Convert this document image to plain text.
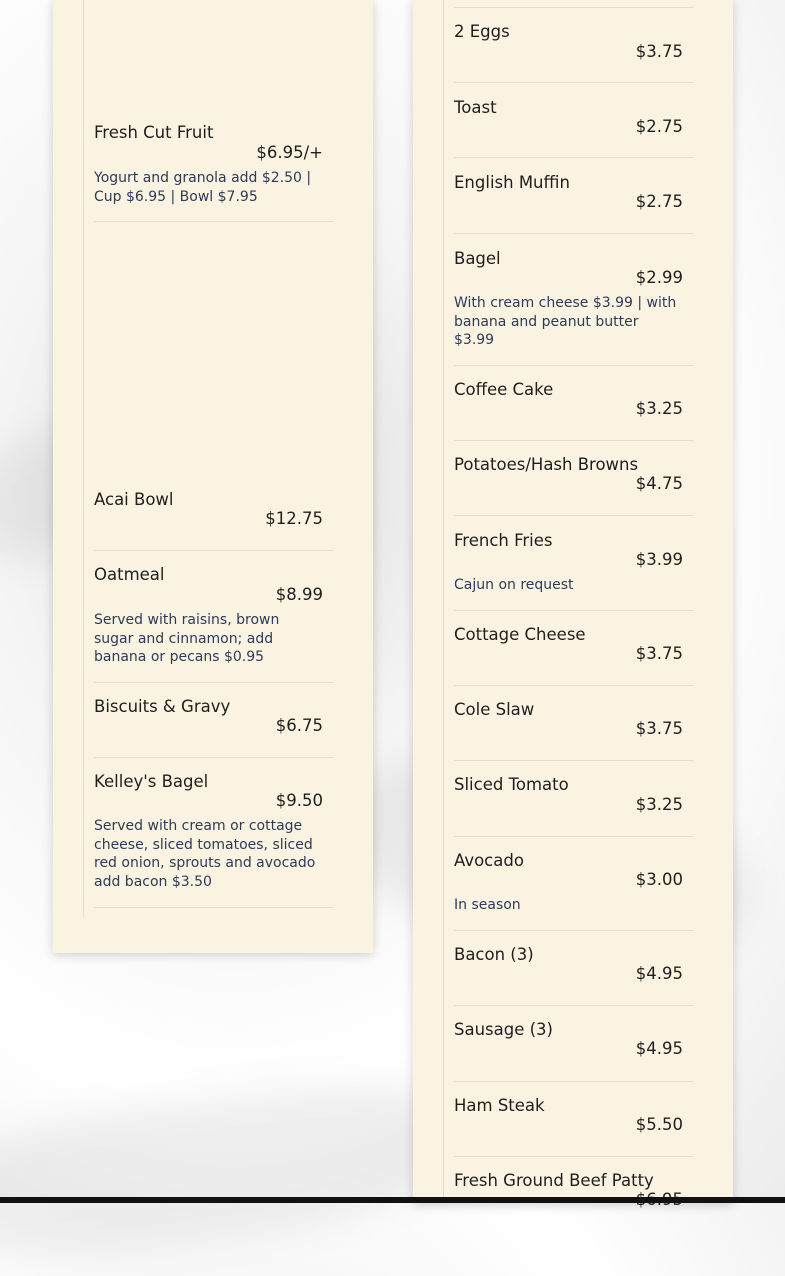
Fresh Cut Fruit
$6.95/+
Yogurt and granola add $2.50 | Cup $6.95 | Bowl $7.95
Acai Bowl
$12.75
Oatmeal
$8.99
Served with raisins, brown sugar and cinnamon; add banana or pecans $0.95
Biscuits & Gravy
$6.75
Kelley's Bagel
$9.50
Served with cream or cottage cheese, sliced tomatoes, sliced red onion, sprouts and avocado add bacon $3.50
2 Eggs
$3.75
Toast
$2.75
English Muffin
$2.75
Bagel
$2.99
With cream cheese $3.99 | with banana and peanut butter $3.99
Coffee Cake
$3.25
Potatoes/Hash Browns
$4.75
French Fries
$3.99
Cajun on request
Cottage Cheese
$3.75
Cole Slaw
$3.75
Sliced Tomato
$3.25
Avocado
$3.00
In season
Bacon (3)
$4.95
Sausage (3)
$4.95
Ham Steak
$5.50
Fresh Ground Beef Patty
